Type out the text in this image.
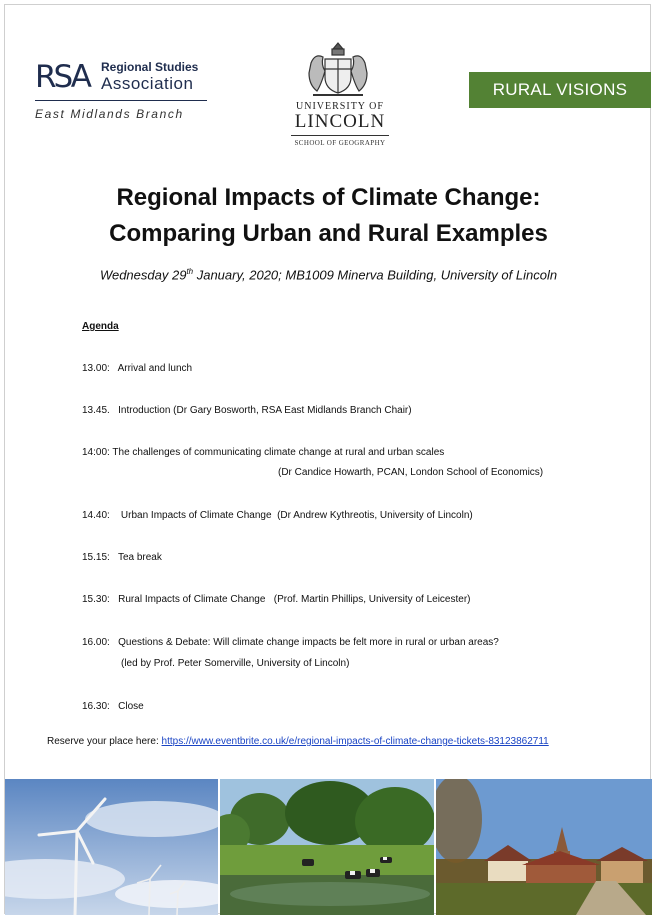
RSA	Regional Studies
Association
East Midlands Branch
UNIVERSITY OF
LINCOLN
SCHOOL OF GEOGRAPHY
RURAL VISIONS
Regional Impacts of Climate Change:
Comparing Urban and Rural Examples
Wednesday 29th January, 2020; MB1009 Minerva Building, University of Lincoln
Agenda
13.00:   Arrival and lunch
13.45.   Introduction (Dr Gary Bosworth, RSA East Midlands Branch Chair)
14:00: The challenges of communicating climate change at rural and urban scales
(Dr Candice Howarth, PCAN, London School of Economics)
14.40:    Urban Impacts of Climate Change  (Dr Andrew Kythreotis, University of Lincoln)
15.15:   Tea break
15.30:   Rural Impacts of Climate Change   (Prof. Martin Phillips, University of Leicester)
16.00:   Questions & Debate: Will climate change impacts be felt more in rural or urban areas?
(led by Prof. Peter Somerville, University of Lincoln)
16.30:   Close
Reserve your place here: https://www.eventbrite.co.uk/e/regional-impacts-of-climate-change-tickets-83123862711
